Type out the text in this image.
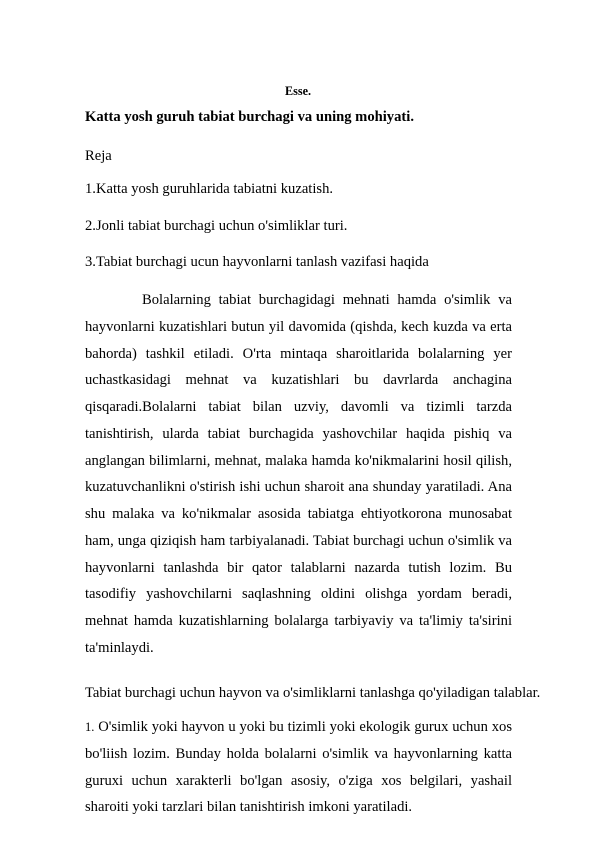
Esse.
Katta yosh guruh tabiat burchagi va uning mohiyati.
Reja
1.Katta yosh guruhlarida tabiatni kuzatish.
2.Jonli tabiat burchagi uchun o'simliklar turi.
3.Tabiat burchagi ucun hayvonlarni tanlash vazifasi haqida

Bolalarning tabiat burchagidagi mehnati hamda o'simlik va hayvonlarni kuzatishlari butun yil davomida (qishda, kech kuzda va erta bahorda) tashkil etiladi. O'rta mintaqa sharoitlarida bolalarning yer uchastkasidagi mehnat va kuzatishlari bu davrlarda anchagina qisqaradi.Bolalarni tabiat bilan uzviy, davomli va tizimli tarzda tanishtirish, ularda tabiat burchagida yashovchilar haqida pishiq va anglangan bilimlarni, mehnat, malaka hamda ko'nikmalarini hosil qilish, kuzatuvchanlikni o'stirish ishi uchun sharoit ana shunday yaratiladi. Ana shu malaka va ko'nikmalar asosida tabiatga ehtiyotkorona munosabat ham, unga qiziqish ham tarbiyalanadi. Tabiat burchagi uchun o'simlik va hayvonlarni tanlashda bir qator talablarni nazarda tutish lozim. Bu tasodifiy yashovchilarni saqlashning oldini olishga yordam beradi, mehnat hamda kuzatishlarning bolalarga tarbiyaviy va ta'limiy ta'sirini ta'minlaydi.

Tabiat burchagi uchun hayvon va o'simliklarni tanlashga qo'yiladigan talablar.

1. O'simlik yoki hayvon u yoki bu tizimli yoki ekologik gurux uchun xos bo'liish lozim. Bunday holda bolalarni o'simlik va hayvonlarning katta guruxi uchun xarakterli bo'lgan asosiy, o'ziga xos belgilari, yashail sharoiti yoki tarzlari bilan tanishtirish imkoni yaratiladi.
